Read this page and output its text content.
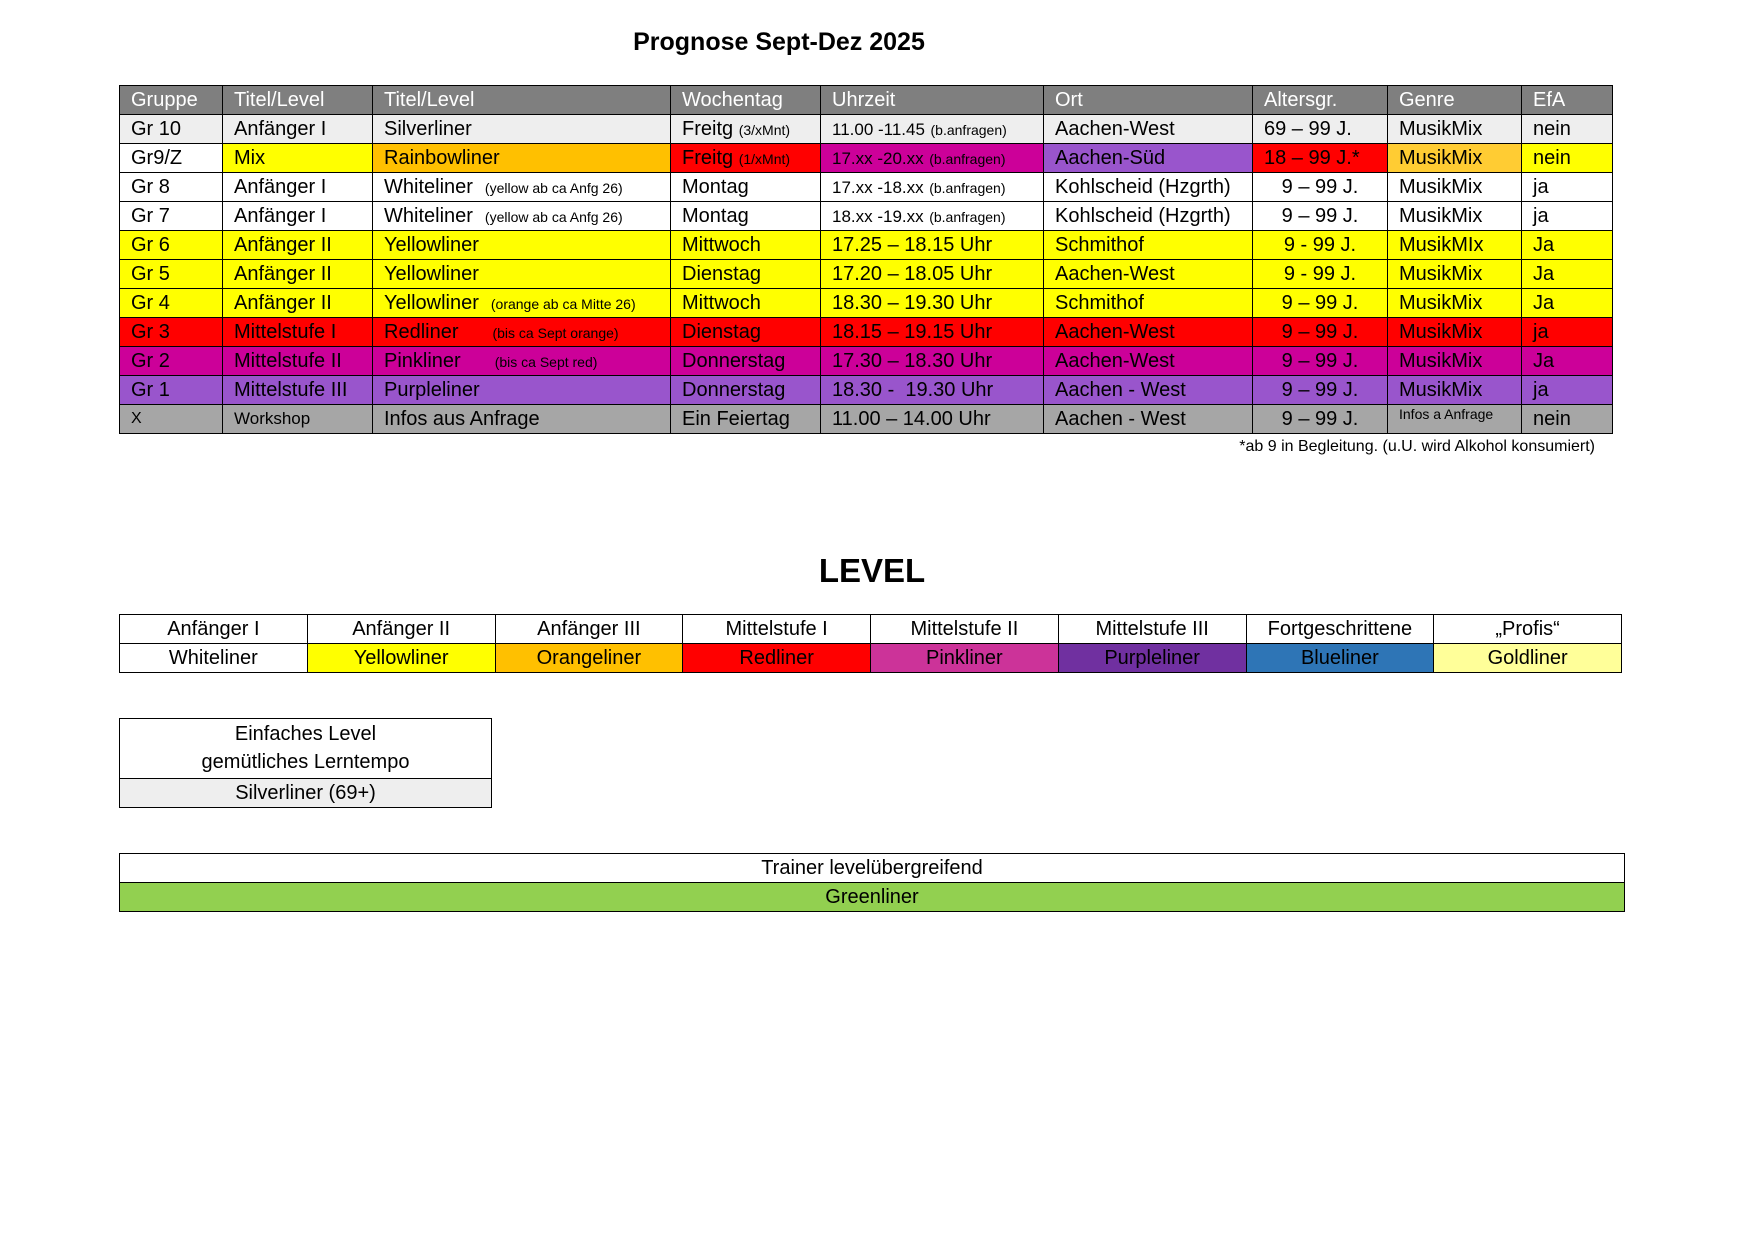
Prognose Sept-Dez 2025
Gruppe	Titel/Level	Titel/Level	Wochentag	Uhrzeit	Ort	Altersgr.	Genre	EfA
Gr 10	Anfänger I	Silverliner	Freitg (3/xMnt)	11.00 -11.45 (b.anfragen)	Aachen-West	69 – 99 J.	MusikMix	nein
Gr9/Z	Mix	Rainbowliner	Freitg (1/xMnt)	17.xx -20.xx (b.anfragen)	Aachen-Süd	18 – 99 J.*	MusikMix	nein
Gr 8	Anfänger I	Whiteliner (yellow ab ca Anfg 26)	Montag	17.xx -18.xx (b.anfragen)	Kohlscheid (Hzgrth)	9 – 99 J.	MusikMix	ja
Gr 7	Anfänger I	Whiteliner (yellow ab ca Anfg 26)	Montag	18.xx -19.xx (b.anfragen)	Kohlscheid (Hzgrth)	9 – 99 J.	MusikMix	ja
Gr 6	Anfänger II	Yellowliner	Mittwoch	17.25 – 18.15 Uhr	Schmithof	9 - 99 J.	MusikMIx	Ja
Gr 5	Anfänger II	Yellowliner	Dienstag	17.20 – 18.05 Uhr	Aachen-West	9 - 99 J.	MusikMix	Ja
Gr 4	Anfänger II	Yellowliner (orange ab ca Mitte 26)	Mittwoch	18.30 – 19.30 Uhr	Schmithof	9 – 99 J.	MusikMix	Ja
Gr 3	Mittelstufe I	Redliner (bis ca Sept orange)	Dienstag	18.15 – 19.15 Uhr	Aachen-West	9 – 99 J.	MusikMix	ja
Gr 2	Mittelstufe II	Pinkliner (bis ca Sept red)	Donnerstag	17.30 – 18.30 Uhr	Aachen-West	9 – 99 J.	MusikMix	Ja
Gr 1	Mittelstufe III	Purpleliner	Donnerstag	18.30 -  19.30 Uhr	Aachen - West	9 – 99 J.	MusikMix	ja
X	Workshop	Infos aus Anfrage	Ein Feiertag	11.00 – 14.00 Uhr	Aachen - West	9 – 99 J.	Infos a Anfrage	nein
*ab 9 in Begleitung. (u.U. wird Alkohol konsumiert)
LEVEL
Anfänger I	Anfänger II	Anfänger III	Mittelstufe I	Mittelstufe II	Mittelstufe III	Fortgeschrittene	„Profis“
Whiteliner	Yellowliner	Orangeliner	Redliner	Pinkliner	Purpleliner	Blueliner	Goldliner
Einfaches Level
gemütliches Lerntempo

Silverliner (69+)
Trainer levelübergreifend
Greenliner
